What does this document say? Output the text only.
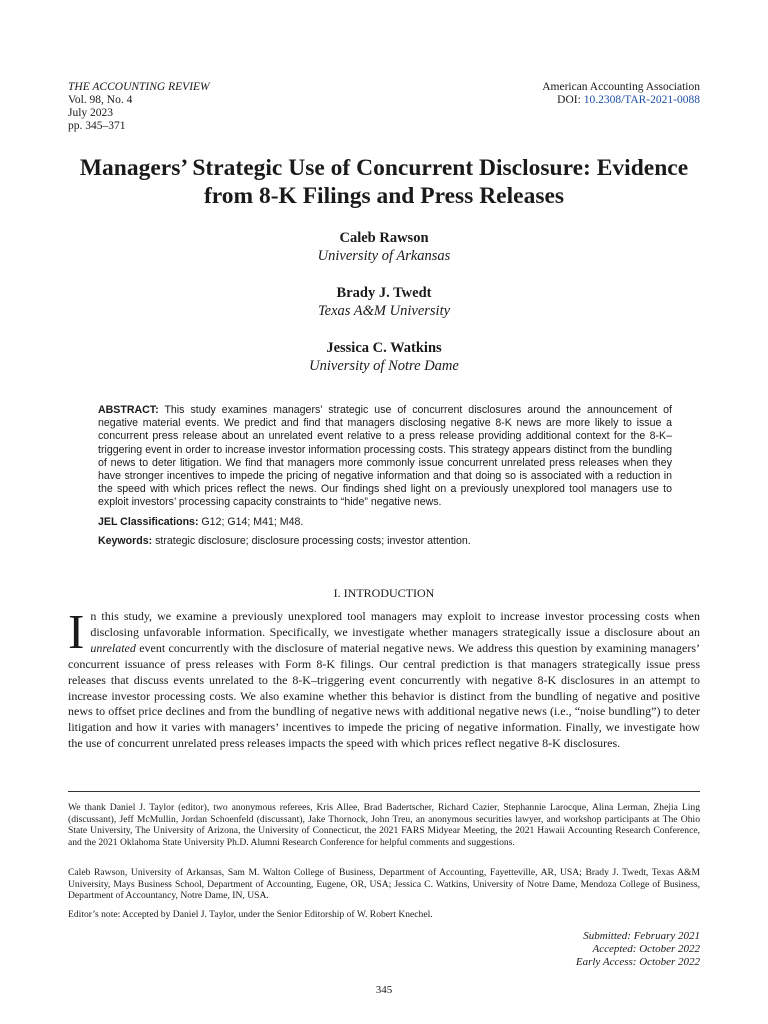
THE ACCOUNTING REVIEW
Vol. 98, No. 4
July 2023
pp. 345–371
American Accounting Association
DOI: 10.2308/TAR-2021-0088
Managers’ Strategic Use of Concurrent Disclosure: Evidence from 8-K Filings and Press Releases
Caleb Rawson
University of Arkansas
Brady J. Twedt
Texas A&M University
Jessica C. Watkins
University of Notre Dame

ABSTRACT: This study examines managers’ strategic use of concurrent disclosures around the announcement of negative material events. We predict and find that managers disclosing negative 8-K news are more likely to issue a concurrent press release about an unrelated event relative to a press release providing additional context for the 8-K–triggering event in order to increase investor information processing costs. This strategy appears distinct from the bundling of news to deter litigation. We find that managers more commonly issue concurrent unrelated press releases when they have stronger incentives to impede the pricing of negative information and that doing so is associated with a reduction in the speed with which prices reflect the news. Our findings shed light on a previously unexplored tool managers use to exploit investors’ processing capacity constraints to “hide” negative news.

JEL Classifications: G12; G14; M41; M48.

Keywords: strategic disclosure; disclosure processing costs; investor attention.

I. INTRODUCTION
In this study, we examine a previously unexplored tool managers may exploit to increase investor processing costs when disclosing unfavorable information. Specifically, we investigate whether managers strategically issue a disclosure about an unrelated event concurrently with the disclosure of material negative news. We address this question by examining managers’ concurrent issuance of press releases with Form 8-K filings. Our central prediction is that managers strategically issue press releases that discuss events unrelated to the 8-K–triggering event concurrently with negative 8-K disclosures in an attempt to increase investor processing costs. We also examine whether this behavior is distinct from the bundling of negative and positive news to offset price declines and from the bundling of negative news with additional negative news (i.e., “noise bundling”) to deter litigation and how it varies with managers’ incentives to impede the pricing of negative information. Finally, we investigate how the use of concurrent unrelated press releases impacts the speed with which prices reflect negative 8-K disclosures.

We thank Daniel J. Taylor (editor), two anonymous referees, Kris Allee, Brad Badertscher, Richard Cazier, Stephannie Larocque, Alina Lerman, Zhejia Ling (discussant), Jeff McMullin, Jordan Schoenfeld (discussant), Jake Thornock, John Treu, an anonymous securities lawyer, and workshop participants at The Ohio State University, The University of Arizona, the University of Connecticut, the 2021 FARS Midyear Meeting, the 2021 Hawaii Accounting Research Conference, and the 2021 Oklahoma State University Ph.D. Alumni Research Conference for helpful comments and suggestions.

Caleb Rawson, University of Arkansas, Sam M. Walton College of Business, Department of Accounting, Fayetteville, AR, USA; Brady J. Twedt, Texas A&M University, Mays Business School, Department of Accounting, Eugene, OR, USA; Jessica C. Watkins, University of Notre Dame, Mendoza College of Business, Department of Accountancy, Notre Dame, IN, USA.

Editor’s note: Accepted by Daniel J. Taylor, under the Senior Editorship of W. Robert Knechel.

Submitted: February 2021
Accepted: October 2022
Early Access: October 2022
345
